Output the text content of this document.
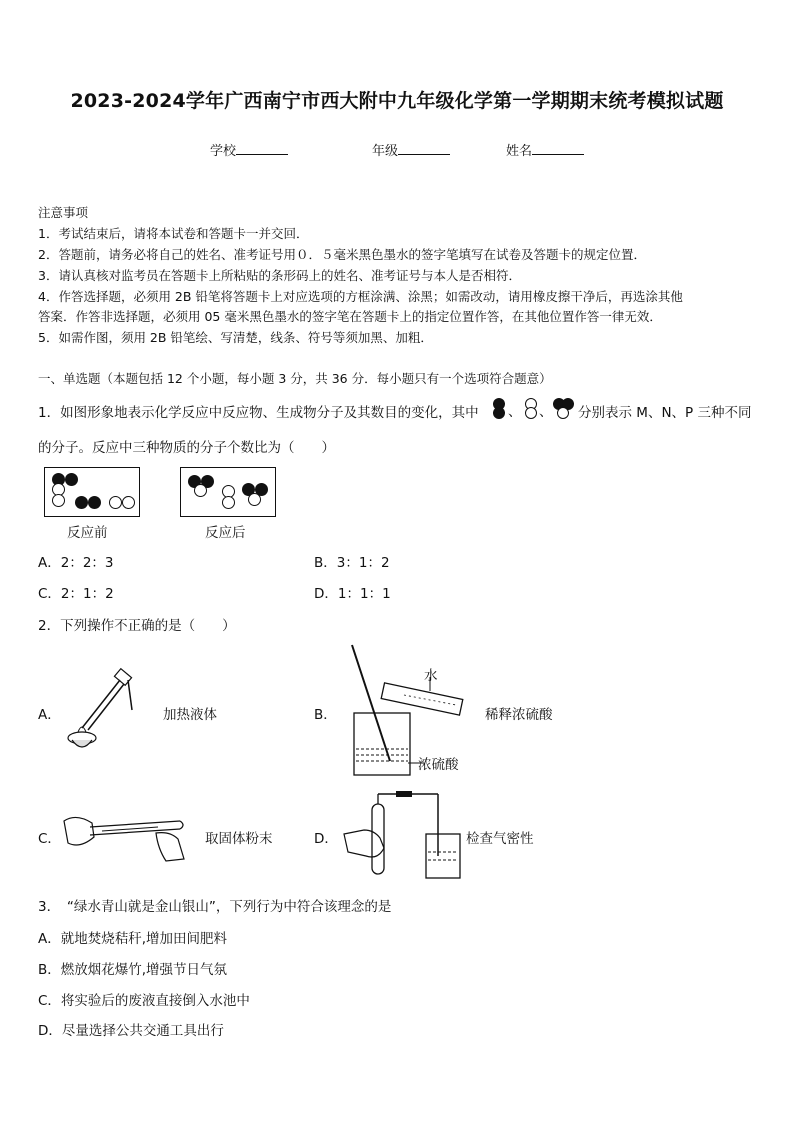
2023-2024学年广西南宁市西大附中九年级化学第一学期期末统考模拟试题
学校	年级	姓名
注意事项
1．考试结束后，请将本试卷和答题卡一并交回．
2．答题前，请务必将自己的姓名、准考证号用０．５毫米黑色墨水的签字笔填写在试卷及答题卡的规定位置．
3．请认真核对监考员在答题卡上所粘贴的条形码上的姓名、准考证号与本人是否相符．
4．作答选择题，必须用 2B 铅笔将答题卡上对应选项的方框涂满、涂黑；如需改动，请用橡皮擦干净后，再选涂其他
答案．作答非选择题，必须用 05 毫米黑色墨水的签字笔在答题卡上的指定位置作答，在其他位置作答一律无效．
5．如需作图，须用 2B 铅笔绘、写清楚，线条、符号等须加黑、加粗．
一、单选题（本题包括 12 个小题，每小题 3 分，共 36 分．每小题只有一个选项符合题意）
1．如图形象地表示化学反应中反应物、生成物分子及其数目的变化，其中 、 、 分别表示 M、N、P 三种不同
的分子。反应中三种物质的分子个数比为（　　）
反应前	反应后
A．2：2：3	B．3：1：2
C．2：1：2	D．1：1：1
2．下列操作不正确的是（　　）
A．	加热液体	B．
水
稀释浓硫酸
浓硫酸
C．	取固体粉末	D．	检查气密性
3．　“绿水青山就是金山银山”，下列行为中符合该理念的是
A．就地焚烧秸秆,增加田间肥料
B．燃放烟花爆竹,增强节日气氛
C．将实验后的废液直接倒入水池中
D．尽量选择公共交通工具出行
